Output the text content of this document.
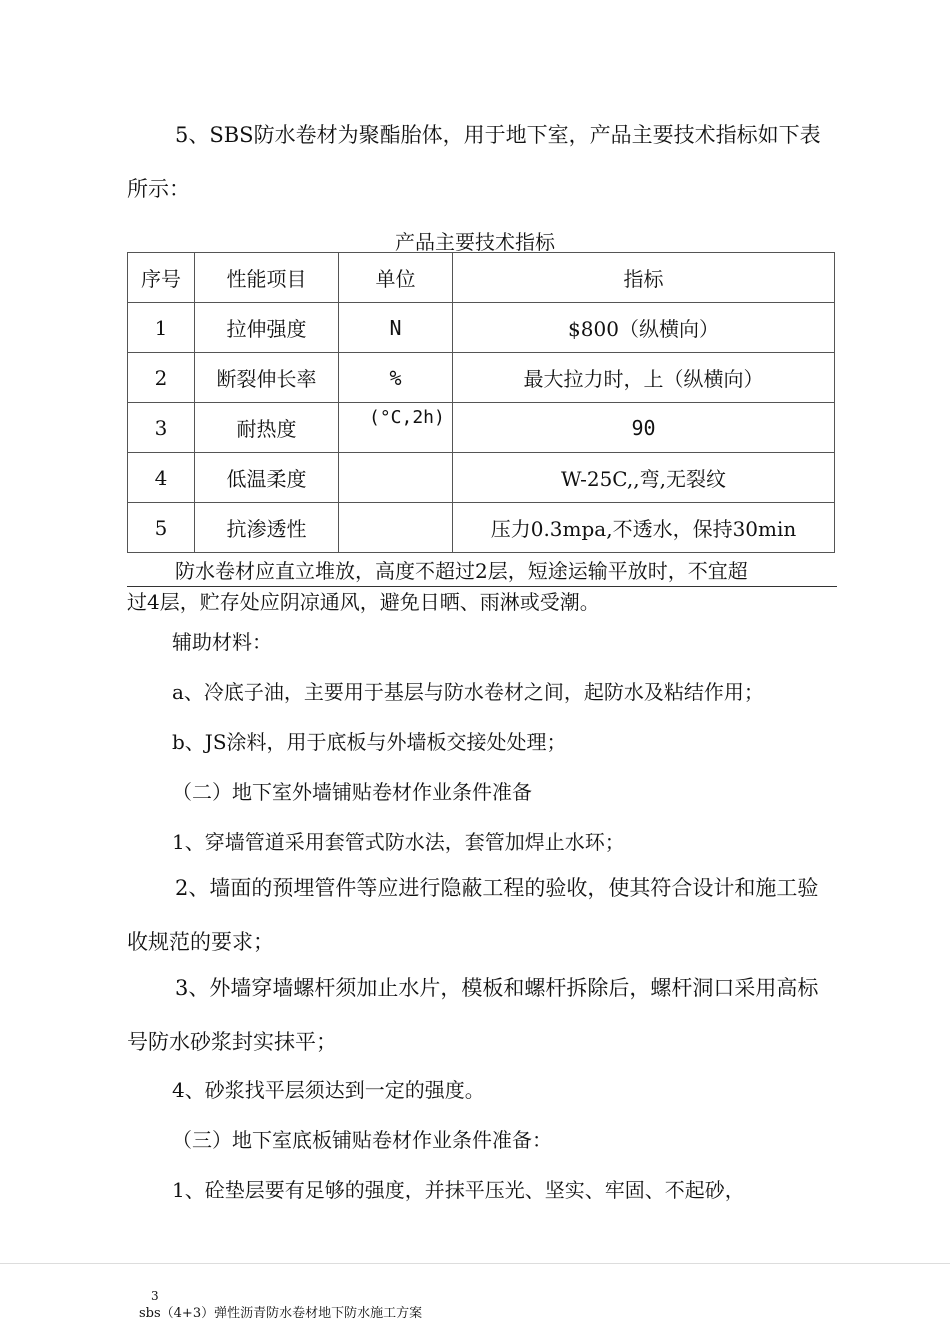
5、SBS防水卷材为聚酯胎体，用于地下室，产品主要技术指标如下表所示：

产品主要技术指标
序号	性能项目	单位	指标
1	拉伸强度	N	$800（纵横向）
2	断裂伸长率	%	最大拉力时，上（纵横向）
3	耐热度	(°C,2h)	90
4	低温柔度		W-25C,,弯,无裂纹
5	抗渗透性		压力0.3mpa,不透水，保持30min
防水卷材应直立堆放，高度不超过2层，短途运输平放时，不宜超
过4层，贮存处应阴凉通风，避免日晒、雨淋或受潮。

辅助材料：

a、冷底子油，主要用于基层与防水卷材之间，起防水及粘结作用；

b、JS涂料，用于底板与外墙板交接处处理；

（二）地下室外墙铺贴卷材作业条件准备

1、穿墙管道采用套管式防水法，套管加焊止水环；

2、墙面的预埋管件等应进行隐蔽工程的验收，使其符合设计和施工验收规范的要求；

3、外墙穿墙螺杆须加止水片，模板和螺杆拆除后，螺杆洞口采用高标号防水砂浆封实抹平；

4、砂浆找平层须达到一定的强度。

（三）地下室底板铺贴卷材作业条件准备：

1、砼垫层要有足够的强度，并抹平压光、坚实、牢固、不起砂，

3
sbs（4+3）弹性沥青防水卷材地下防水施工方案
